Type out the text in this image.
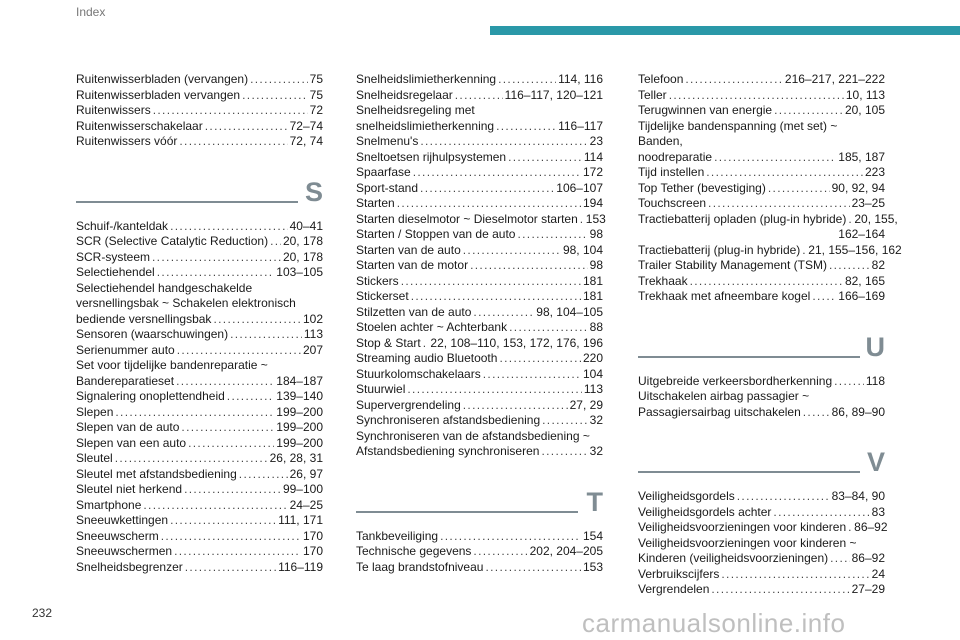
Index
Ruitenwisserbladen (vervangen) . . .	75
Ruitenwisserbladen vervangen . . .	75
Ruitenwissers . . .	72
Ruitenwisserschakelaar . . .	72–74
Ruitenwissers vóór . . .	72, 74
S
Schuif-/kanteldak . . .	40–41
SCR (Selective Catalytic Reduction) . . . 20, 178
SCR-systeem . . .	20, 178
Selectiehendel . . .	103–105
Selectiehendel handgeschakelde
versnellingsbak ~ Schakelen elektronisch
bediende versnellingsbak . . .	102
Sensoren (waarschuwingen) . . .	113
Serienummer auto . . .	207
Set voor tijdelijke bandenreparatie ~
Bandereparatieset . . .	184–187
Signalering onoplettendheid . . .	139–140
Slepen . . .	199–200
Slepen van de auto . . .	199–200
Slepen van een auto . . .	199–200
Sleutel . . .	26, 28, 31
Sleutel met afstandsbediening . . .	26, 97
Sleutel niet herkend . . .	99–100
Smartphone . . .	24–25
Sneeuwkettingen . . .	111, 171
Sneeuwscherm . . .	170
Sneeuwschermen . . .	170
Snelheidsbegrenzer . . .	116–119
Snelheidslimietherkenning . . .	114, 116
Snelheidsregelaar . . .	116–117, 120–121
Snelheidsregeling met
snelheidslimietherkenning . . .	116–117
Snelmenu's . . .	23
Sneltoetsen rijhulpsystemen . . .	114
Spaarfase . . .	172
Sport-stand . . .	106–107
Starten . . .	194
Starten dieselmotor ~ Dieselmotor starten . . . 153
Starten / Stoppen van de auto . . .	98
Starten van de auto . . .	98, 104
Starten van de motor . . .	98
Stickers . . .	181
Stickerset . . .	181
Stilzetten van de auto . . .	98, 104–105
Stoelen achter ~ Achterbank . . .	88
Stop & Start . . . 22, 108–110, 153, 172, 176, 196
Streaming audio Bluetooth . . .	220
Stuurkolomschakelaars . . .	104
Stuurwiel . . .	113
Supervergrendeling . . .	27, 29
Synchroniseren afstandsbediening . . .	32
Synchroniseren van de afstandsbediening ~
Afstandsbediening synchroniseren . . .	32
T
Tankbeveiliging . . .	154
Technische gegevens . . .	202, 204–205
Te laag brandstofniveau . . .	153
Telefoon . . .	216–217, 221–222
Teller . . .	10, 113
Terugwinnen van energie . . .	20, 105
Tijdelijke bandenspanning (met set) ~ Banden,
noodreparatie . . .	185, 187
Tijd instellen . . .	223
Top Tether (bevestiging) . . .	90, 92, 94
Touchscreen . . .	23–25
Tractiebatterij opladen (plug-in hybride) . . . 20, 155,
162–164
Tractiebatterij (plug-in hybride) . . . 21, 155–156, 162
Trailer Stability Management (TSM) . . .	82
Trekhaak . . .	82, 165
Trekhaak met afneembare kogel . . . 166–169
U
Uitgebreide verkeersbordherkenning . . .	118
Uitschakelen airbag passagier ~
Passagiersairbag uitschakelen . . .	86, 89–90
V
Veiligheidsgordels . . .	83–84, 90
Veiligheidsgordels achter . . .	83
Veiligheidsvoorzieningen voor kinderen . . . 86–92
Veiligheidsvoorzieningen voor kinderen ~
Kinderen (veiligheidsvoorzieningen) . . . 86–92
Verbruikscijfers . . .	24
Vergrendelen . . .	27–29
232	carmanualsonline.info
